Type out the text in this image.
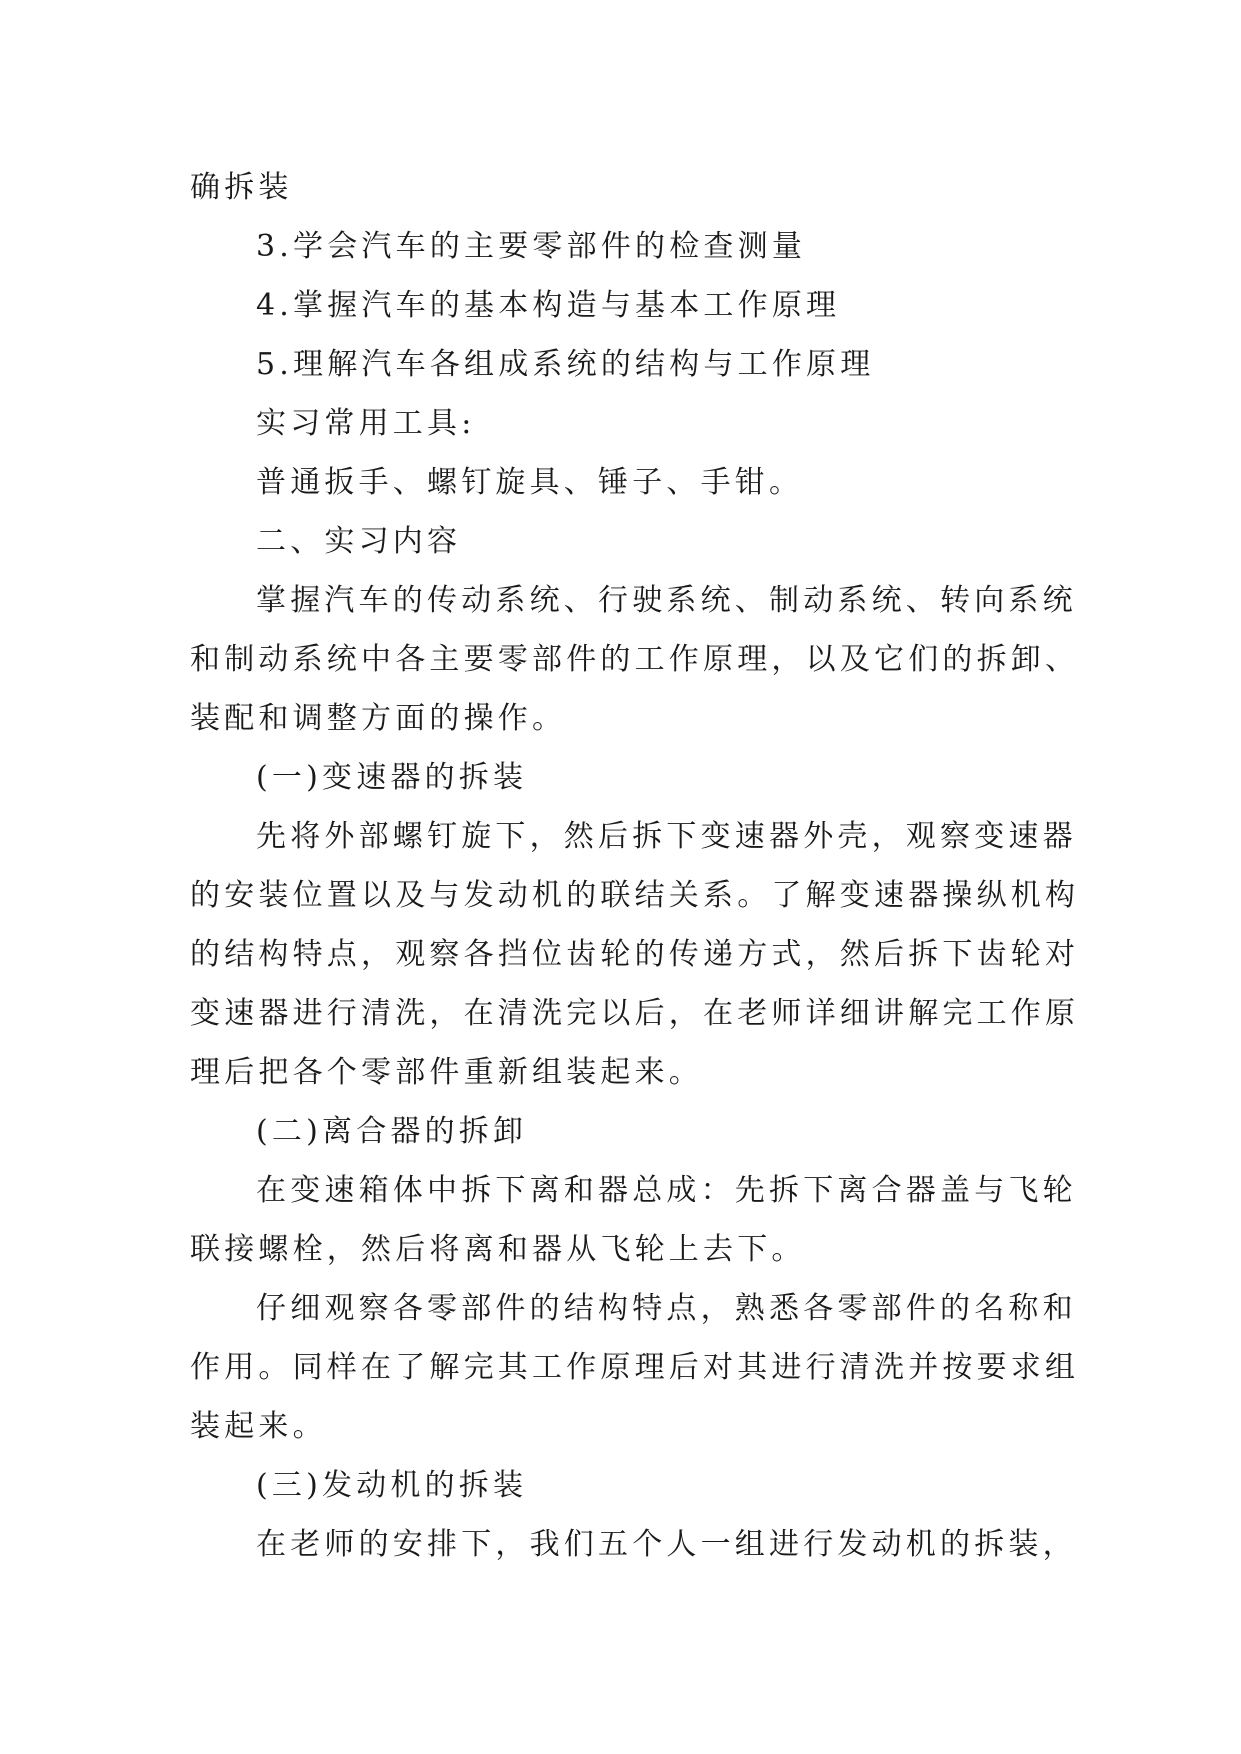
确拆装
3.学会汽车的主要零部件的检查测量
4.掌握汽车的基本构造与基本工作原理
5.理解汽车各组成系统的结构与工作原理
实习常用工具:
普通扳手、螺钉旋具、锤子、手钳。
二、实习内容
掌握汽车的传动系统、行驶系统、制动系统、转向系统
和制动系统中各主要零部件的工作原理，以及它们的拆卸、
装配和调整方面的操作。
(一)变速器的拆装
先将外部螺钉旋下，然后拆下变速器外壳，观察变速器
的安装位置以及与发动机的联结关系。了解变速器操纵机构
的结构特点，观察各挡位齿轮的传递方式，然后拆下齿轮对
变速器进行清洗，在清洗完以后，在老师详细讲解完工作原
理后把各个零部件重新组装起来。
(二)离合器的拆卸
在变速箱体中拆下离和器总成：先拆下离合器盖与飞轮
联接螺栓，然后将离和器从飞轮上去下。
仔细观察各零部件的结构特点，熟悉各零部件的名称和
作用。同样在了解完其工作原理后对其进行清洗并按要求组
装起来。
(三)发动机的拆装
在老师的安排下，我们五个人一组进行发动机的拆装，
